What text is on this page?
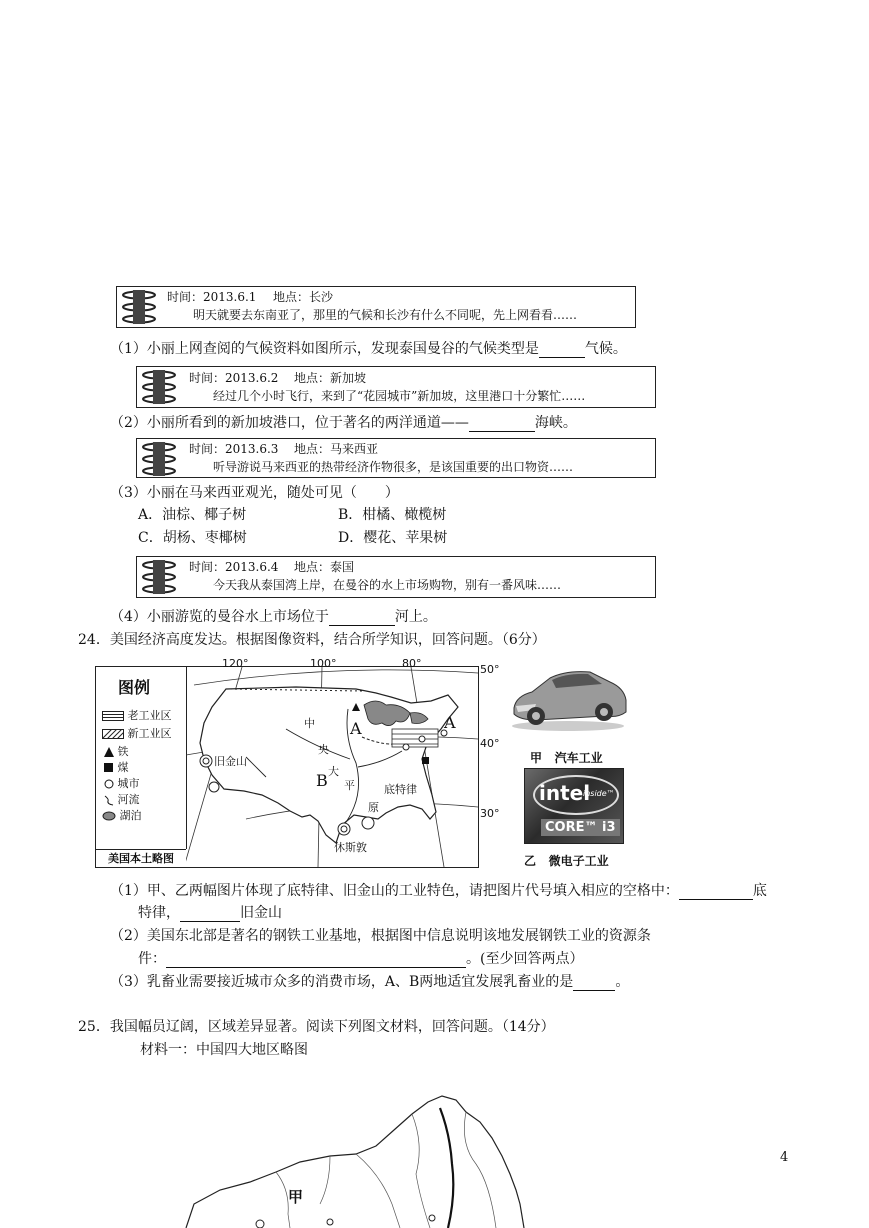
时间：2013.6.1 地点：长沙
明天就要去东南亚了，那里的气候和长沙有什么不同呢，先上网看看……
（1）小丽上网查阅的气候资料如图所示，发现泰国曼谷的气候类型是	气候。
时间：2013.6.2 地点：新加坡
经过几个小时飞行，来到了“花园城市”新加坡，这里港口十分繁忙……
（2）小丽所看到的新加坡港口，位于著名的两洋通道——	海峡。
时间：2013.6.3 地点：马来西亚
听导游说马来西亚的热带经济作物很多，是该国重要的出口物资……
（3）小丽在马来西亚观光，随处可见（　　）
A．油棕、椰子树	B．柑橘、橄榄树
C．胡杨、枣椰树	D．樱花、苹果树
时间：2013.6.4 地点：泰国
今天我从泰国湾上岸，在曼谷的水上市场购物，别有一番风味……
（4）小丽游览的曼谷水上市场位于	河上。
24．美国经济高度发达。根据图像资料，结合所学知识，回答问题。（6分）
图例
老工业区
新工业区
铁
煤
城市
河流
湖泊
美国本土略图
120°	100°	80°	50°
40°
30°
旧金山
底特律
休斯敦
A	A
B
中
央
大
平
原
甲 汽车工业
intel
inside™
CORE™ i3
乙 微电子工业
（1）甲、乙两幅图片体现了底特律、旧金山的工业特色，请把图片代号填入相应的空格中：	底
特律，	旧金山
（2）美国东北部是著名的钢铁工业基地，根据图中信息说明该地发展钢铁工业的资源条
件：	。(至少回答两点）
（3）乳畜业需要接近城市众多的消费市场，A、B两地适宜发展乳畜业的是	。
25．我国幅员辽阔，区域差异显著。阅读下列图文材料，回答问题。（14分）
材料一：中国四大地区略图
甲
4
